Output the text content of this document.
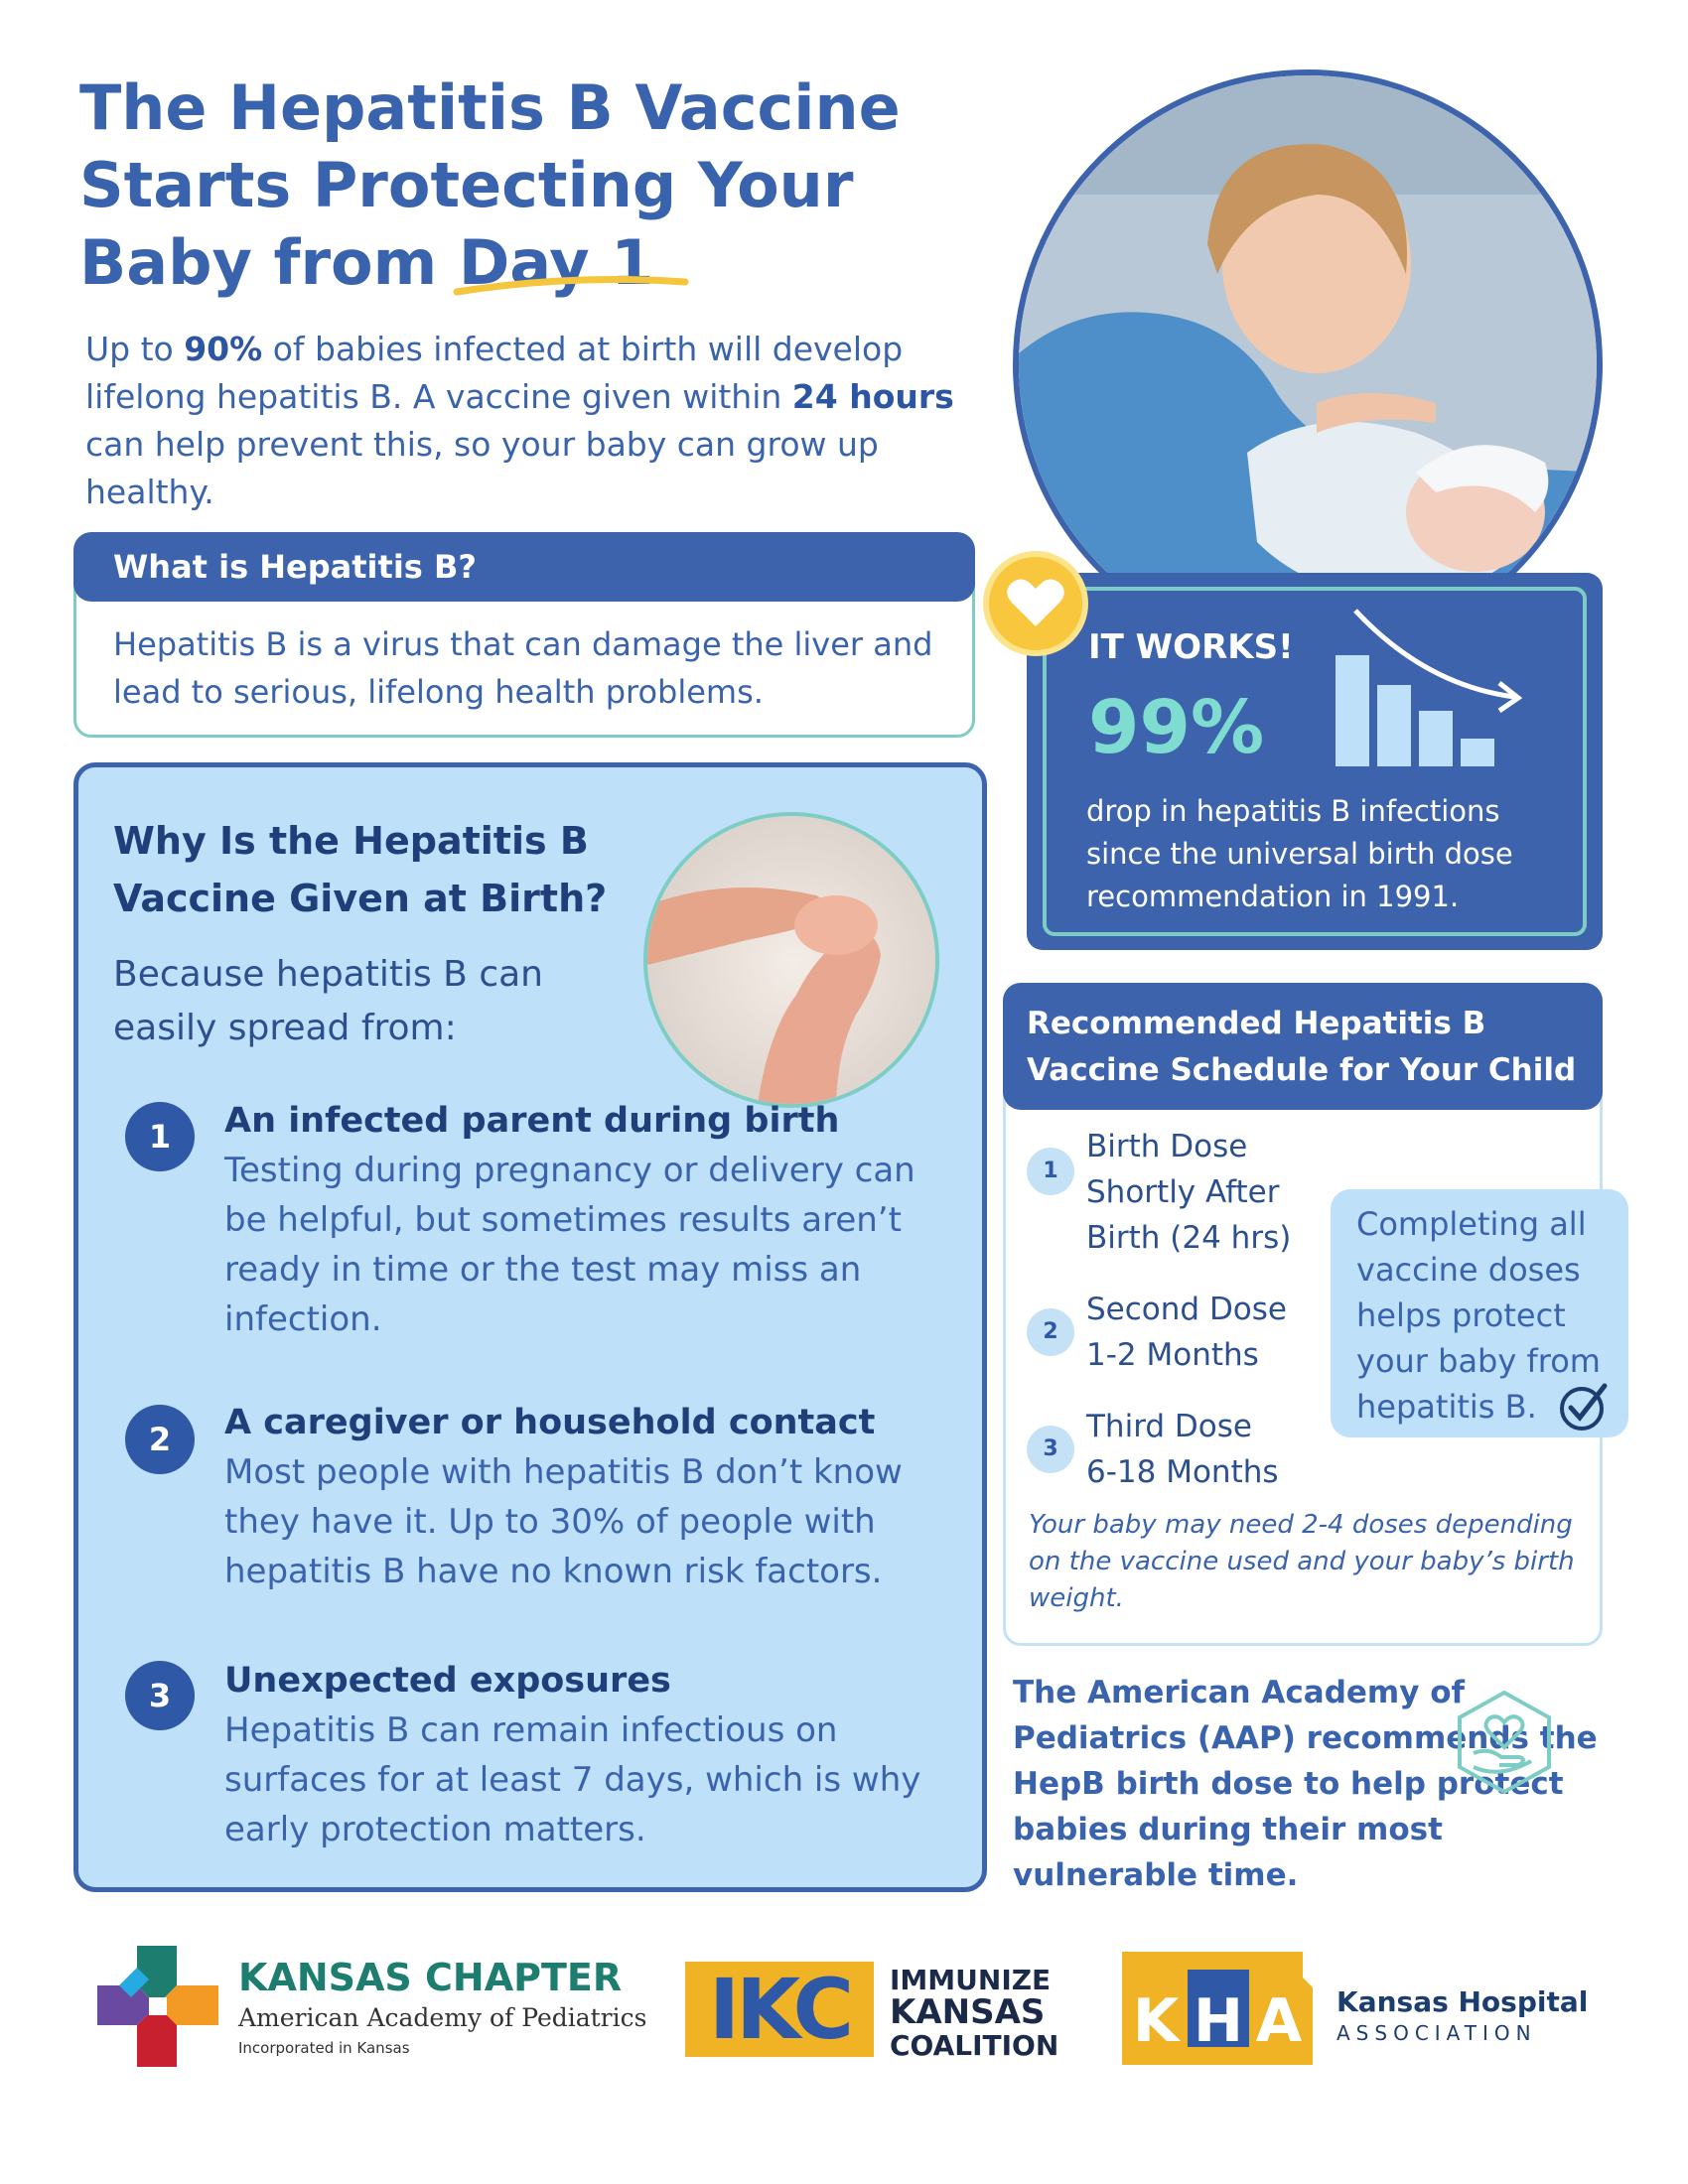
The Hepatitis B Vaccine
Starts Protecting Your
Baby from Day 1
Up to 90% of babies infected at birth will develop lifelong hepatitis B. A vaccine given within 24 hours can help prevent this, so your baby can grow up healthy.
What is Hepatitis B?
Hepatitis B is a virus that can damage the liver and lead to serious, lifelong health problems.
Why Is the Hepatitis B Vaccine Given at Birth?
Because hepatitis B can easily spread from:
1	An infected parent during birth
Testing during pregnancy or delivery can be helpful, but sometimes results aren’t ready in time or the test may miss an infection.
2	A caregiver or household contact
Most people with hepatitis B don’t know they have it. Up to 30% of people with hepatitis B have no known risk factors.
3	Unexpected exposures
Hepatitis B can remain infectious on surfaces for at least 7 days, which is why early protection matters.
IT WORKS!
99%
drop in hepatitis B infections since the universal birth dose recommendation in 1991.
Recommended Hepatitis B Vaccine Schedule for Your Child
1
Birth Dose
Shortly After Birth (24 hrs)
2
Second Dose
1-2 Months
3
Third Dose
6-18 Months
Completing all vaccine doses helps protect your baby from hepatitis B.
Your baby may need 2-4 doses depending on the vaccine used and your baby’s birth weight.
The American Academy of Pediatrics (AAP) recommends the HepB birth dose to help protect babies during their most vulnerable time.
KANSAS CHAPTER
American Academy of Pediatrics
Incorporated in Kansas	IKC	IMMUNIZE
KANSAS
COALITION K H A Kansas Hospital
ASSOCIATION
